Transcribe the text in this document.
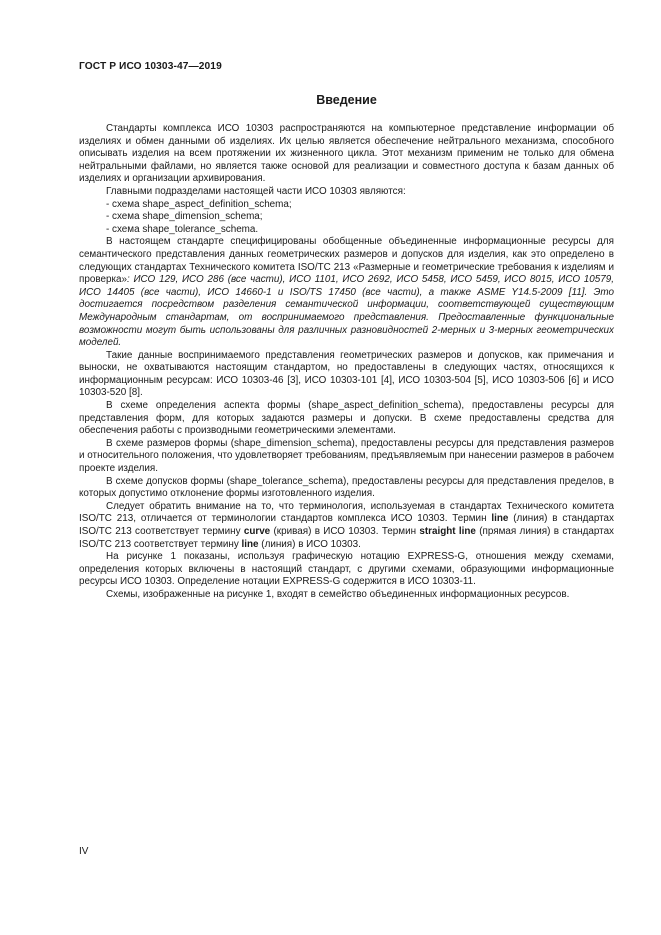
ГОСТ Р ИСО 10303-47—2019
Введение

Стандарты комплекса ИСО 10303 распространяются на компьютерное представление информации об изделиях и обмен данными об изделиях. Их целью является обеспечение нейтрального механизма, способного описывать изделия на всем протяжении их жизненного цикла. Этот механизм применим не только для обмена нейтральными файлами, но является также основой для реализации и совместного доступа к базам данных об изделиях и организации архивирования.

Главными подразделами настоящей части ИСО 10303 являются:

- схема shape_aspect_definition_schema;

- схема shape_dimension_schema;

- схема shape_tolerance_schema.

В настоящем стандарте специфицированы обобщенные объединенные информационные ресурсы для семантического представления данных геометрических размеров и допусков для изделия, как это определено в следующих стандартах Технического комитета ISO/TC 213 «Размерные и геометрические требования к изделиям и проверка»: ИСО 129, ИСО 286 (все части), ИСО 1101, ИСО 2692, ИСО 5458, ИСО 5459, ИСО 8015, ИСО 10579, ИСО 14405 (все части), ИСО 14660-1 и ISO/TS 17450 (все части), а также ASME Y14.5-2009 [11]. Это достигается посредством разделения семантической информации, соответствующей существующим Международным стандартам, от воспринимаемого представления. Предоставленные функциональные возможности могут быть использованы для различных разновидностей 2-мерных и 3-мерных геометрических моделей.

Такие данные воспринимаемого представления геометрических размеров и допусков, как примечания и выноски, не охватываются настоящим стандартом, но предоставлены в следующих частях, относящихся к информационным ресурсам: ИСО 10303-46 [3], ИСО 10303-101 [4], ИСО 10303-504 [5], ИСО 10303-506 [6] и ИСО 10303-520 [8].

В схеме определения аспекта формы (shape_aspect_definition_schema), предоставлены ресурсы для представления форм, для которых задаются размеры и допуски. В схеме предоставлены средства для обеспечения работы с производными геометрическими элементами.

В схеме размеров формы (shape_dimension_schema), предоставлены ресурсы для представления размеров и относительного положения, что удовлетворяет требованиям, предъявляемым при нанесении размеров в рабочем проекте изделия.

В схеме допусков формы (shape_tolerance_schema), предоставлены ресурсы для представления пределов, в которых допустимо отклонение формы изготовленного изделия.

Следует обратить внимание на то, что терминология, используемая в стандартах Технического комитета ISO/TC 213, отличается от терминологии стандартов комплекса ИСО 10303. Термин line (линия) в стандартах ISO/TC 213 соответствует термину curve (кривая) в ИСО 10303. Термин straight line (прямая линия) в стандартах ISO/TC 213 соответствует термину line (линия) в ИСО 10303.

На рисунке 1 показаны, используя графическую нотацию EXPRESS-G, отношения между схемами, определения которых включены в настоящий стандарт, с другими схемами, образующими информационные ресурсы ИСО 10303. Определение нотации EXPRESS-G содержится в ИСО 10303-11.

Схемы, изображенные на рисунке 1, входят в семейство объединенных информационных ресурсов.

IV
